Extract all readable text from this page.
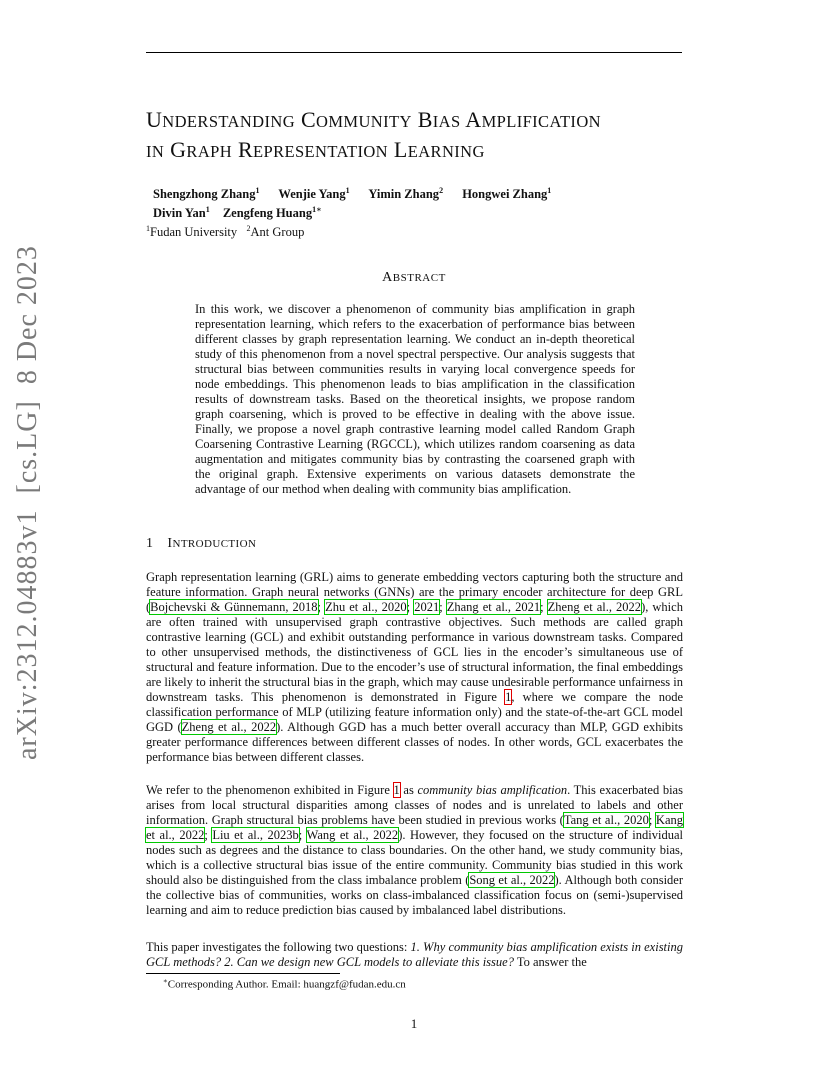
UNDERSTANDING COMMUNITY BIAS AMPLIFICATION
IN GRAPH REPRESENTATION LEARNING
Shengzhong Zhang$^1$ Wenjie Yang$^1$ Yimin Zhang$^2$ Hongwei Zhang$^1$
Divin Yan$^1$ Zengfeng Huang$^{1∗}$
$^1$Fudan University $^2$Ant Group
ABSTRACT

In this work, we discover a phenomenon of community bias amplification in graph representation learning, which refers to the exacerbation of performance bias between different classes by graph representation learning. We conduct an in-depth theoretical study of this phenomenon from a novel spectral perspective. Our analysis suggests that structural bias between communities results in varying local convergence speeds for node embeddings. This phenomenon leads to bias amplification in the classification results of downstream tasks. Based on the theoretical insights, we propose random graph coarsening, which is proved to be effective in dealing with the above issue. Finally, we propose a novel graph contrastive learning model called Random Graph Coarsening Contrastive Learning (RGCCL), which utilizes random coarsening as data augmentation and mitigates community bias by contrasting the coarsened graph with the original graph. Extensive experiments on various datasets demonstrate the advantage of our method when dealing with community bias amplification.

arXiv:2312.04883v1  [cs.LG]  8 Dec 2023	1 INTRODUCTION

Graph representation learning (GRL) aims to generate embedding vectors capturing both the structure and feature information. Graph neural networks (GNNs) are the primary encoder architecture for deep GRL (Bojchevski & Günnemann, 2018; Zhu et al., 2020; 2021; Zhang et al., 2021; Zheng et al., 2022), which are often trained with unsupervised graph contrastive objectives. Such methods are called graph contrastive learning (GCL) and exhibit outstanding performance in various downstream tasks. Compared to other unsupervised methods, the distinctiveness of GCL lies in the encoder’s simultaneous use of structural and feature information. Due to the encoder’s use of structural information, the final embeddings are likely to inherit the structural bias in the graph, which may cause undesirable performance unfairness in downstream tasks. This phenomenon is demonstrated in Figure 1, where we compare the node classification performance of MLP (utilizing feature information only) and the state-of-the-art GCL model GGD (Zheng et al., 2022). Although GGD has a much better overall accuracy than MLP, GGD exhibits greater performance differences between different classes of nodes. In other words, GCL exacerbates the performance bias between different classes.

We refer to the phenomenon exhibited in Figure 1 as community bias amplification. This exacerbated bias arises from local structural disparities among classes of nodes and is unrelated to labels and other information. Graph structural bias problems have been studied in previous works (Tang et al., 2020; Kang et al., 2022; Liu et al., 2023b; Wang et al., 2022). However, they focused on the structure of individual nodes such as degrees and the distance to class boundaries. On the other hand, we study community bias, which is a collective structural bias issue of the entire community. Community bias studied in this work should also be distinguished from the class imbalance problem (Song et al., 2022). Although both consider the collective bias of communities, works on class-imbalanced classification focus on (semi-)supervised learning and aim to reduce prediction bias caused by imbalanced label distributions.

This paper investigates the following two questions: 1. Why community bias amplification exists in existing GCL methods? 2. Can we design new GCL models to alleviate this issue? To answer the

∗Corresponding Author. Email: huangzf@fudan.edu.cn
1
